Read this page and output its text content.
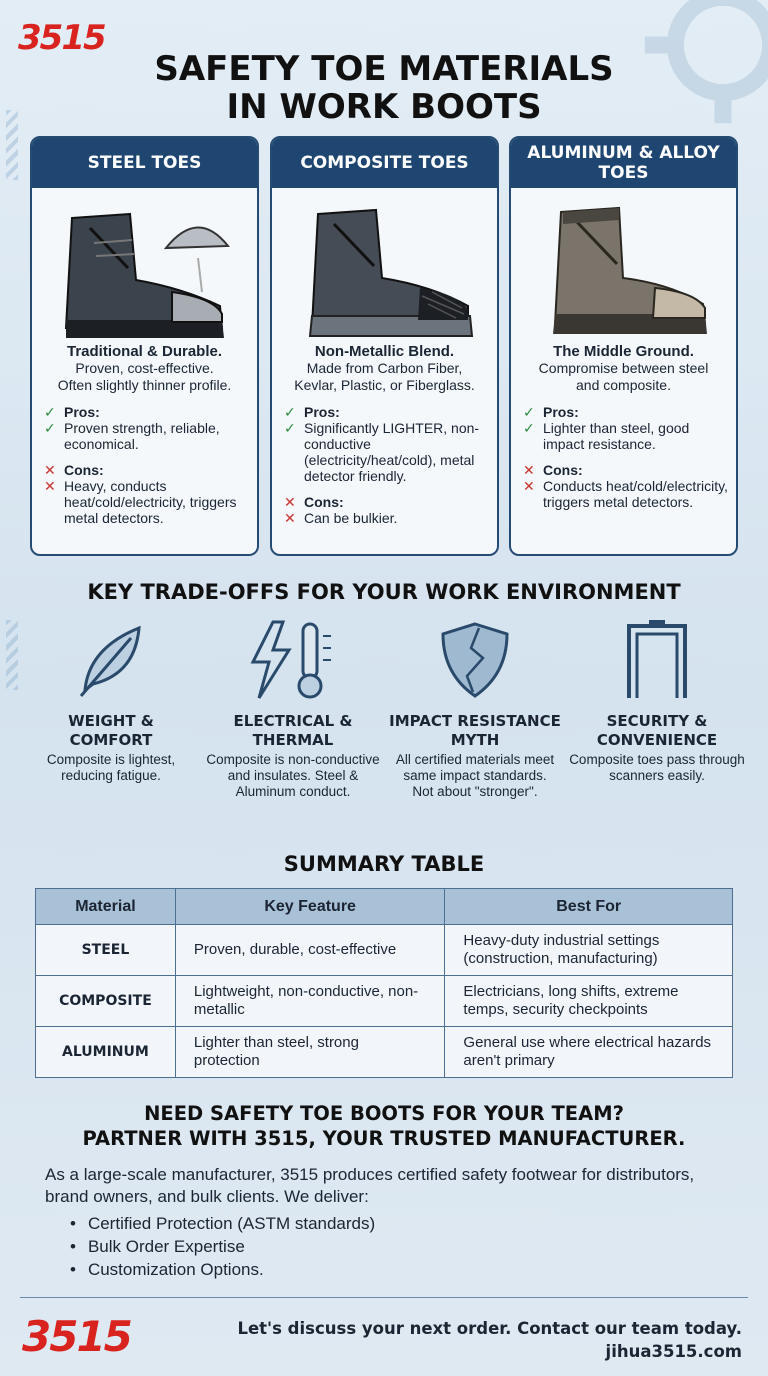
3515
SAFETY TOE MATERIALS
IN WORK BOOTS
STEEL TOES
Traditional & Durable.
Proven, cost-effective.
Often slightly thinner profile.
✓ Pros:
✓ Proven strength, reliable, economical.
✕ Cons:
✕ Heavy, conducts heat/cold/electricity, triggers metal detectors.
COMPOSITE TOES
Non-Metallic Blend.
Made from Carbon Fiber,
Kevlar, Plastic, or Fiberglass.
✓ Pros:
✓ Significantly LIGHTER, non-conductive (electricity/heat/cold), metal detector friendly.
✕ Cons:
✕ Can be bulkier.
ALUMINUM & ALLOY TOES
The Middle Ground.
Compromise between steel
and composite.
✓ Pros:
✓ Lighter than steel, good impact resistance.
✕ Cons:
✕ Conducts heat/cold/electricity, triggers metal detectors.
KEY TRADE-OFFS FOR YOUR WORK ENVIRONMENT
WEIGHT &
COMFORT
Composite is lightest, reducing fatigue.
ELECTRICAL &
THERMAL
Composite is non-conductive and insulates. Steel & Aluminum conduct.
IMPACT RESISTANCE
MYTH
All certified materials meet same impact standards.
Not about "stronger".
SECURITY &
CONVENIENCE
Composite toes pass through scanners easily.
SUMMARY TABLE
Material	Key Feature	Best For
STEEL	Proven, durable, cost-effective	Heavy-duty industrial settings (construction, manufacturing)
COMPOSITE	Lightweight, non-conductive, non-metallic	Electricians, long shifts, extreme temps, security checkpoints
ALUMINUM	Lighter than steel, strong protection	General use where electrical hazards aren't primary
NEED SAFETY TOE BOOTS FOR YOUR TEAM?
PARTNER WITH 3515, YOUR TRUSTED MANUFACTURER.
As a large-scale manufacturer, 3515 produces certified safety footwear for distributors, brand owners, and bulk clients. We deliver:
• Certified Protection (ASTM standards)
• Bulk Order Expertise
• Customization Options.
3515	Let's discuss your next order. Contact our team today.
jihua3515.com
